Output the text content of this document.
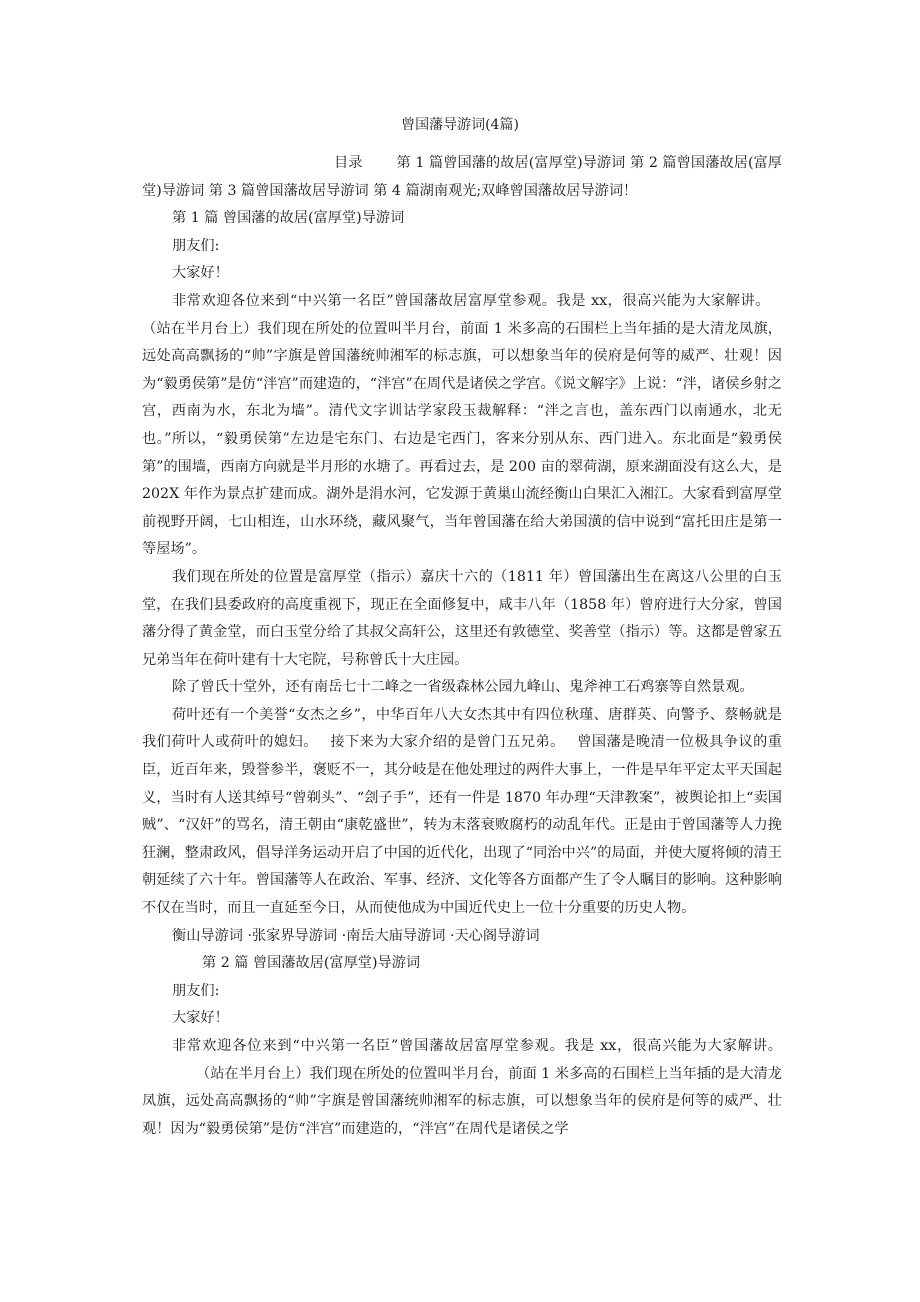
曾国藩导游词(4篇)

目录 第 1 篇曾国藩的故居(富厚堂)导游词 第 2 篇曾国藩故居(富厚堂)导游词 第 3 篇曾国藩故居导游词 第 4 篇湖南观光;双峰曾国藩故居导游词！

第 1 篇 曾国藩的故居(富厚堂)导游词

朋友们:

大家好！

非常欢迎各位来到“中兴第一名臣”曾国藩故居富厚堂参观。我是 xx，很高兴能为大家解讲。（站在半月台上）我们现在所处的位置叫半月台，前面 1 米多高的石围栏上当年插的是大清龙凤旗，远处高高飘扬的“帅”字旗是曾国藩统帅湘军的标志旗，可以想象当年的侯府是何等的威严、壮观！因为“毅勇侯第”是仿“泮宫”而建造的，“泮宫”在周代是诸侯之学宫。《说文解字》上说：“泮，诸侯乡射之宫，西南为水，东北为墙”。清代文字训诂学家段玉裁解释：“泮之言也，盖东西门以南通水，北无也。”所以，“毅勇侯第”左边是宅东门、右边是宅西门，客来分别从东、西门进入。东北面是“毅勇侯第”的围墙，西南方向就是半月形的水塘了。再看过去，是 200 亩的翠荷湖，原来湖面没有这么大，是 202X 年作为景点扩建而成。湖外是涓水河，它发源于黄巢山流经衡山白果汇入湘江。大家看到富厚堂前视野开阔，七山相连，山水环绕，藏风聚气，当年曾国藩在给大弟国潢的信中说到“富托田庄是第一等屋场”。

我们现在所处的位置是富厚堂（指示）嘉庆十六的（1811 年）曾国藩出生在离这八公里的白玉堂，在我们县委政府的高度重视下，现正在全面修复中，咸丰八年（1858 年）曾府进行大分家，曾国藩分得了黄金堂，而白玉堂分给了其叔父高轩公，这里还有敦德堂、奖善堂（指示）等。这都是曾家五兄弟当年在荷叶建有十大宅院，号称曾氏十大庄园。

除了曾氏十堂外，还有南岳七十二峰之一省级森林公园九峰山、鬼斧神工石鸡寨等自然景观。

荷叶还有一个美誉“女杰之乡”，中华百年八大女杰其中有四位秋瑾、唐群英、向警予、蔡畅就是我们荷叶人或荷叶的媳妇。 接下来为大家介绍的是曾门五兄弟。 曾国藩是晚清一位极具争议的重臣，近百年来，毁誉参半，褒贬不一，其分岐是在他处理过的两件大事上，一件是早年平定太平天国起义，当时有人送其绰号“曾剃头”、“刽子手”，还有一件是 1870 年办理“天津教案”，被舆论扣上“卖国贼”、“汉奸”的骂名，清王朝由“康乾盛世”，转为末落衰败腐朽的动乱年代。正是由于曾国藩等人力挽狂澜，整肃政风，倡导洋务运动开启了中国的近代化，出现了“同治中兴”的局面，并使大厦将倾的清王朝延续了六十年。曾国藩等人在政治、军事、经济、文化等各方面都产生了令人瞩目的影响。这种影响不仅在当时，而且一直延至今日，从而使他成为中国近代史上一位十分重要的历史人物。

衡山导游词 ·张家界导游词 ·南岳大庙导游词 ·天心阁导游词

第 2 篇 曾国藩故居(富厚堂)导游词

朋友们:

大家好！

非常欢迎各位来到“中兴第一名臣”曾国藩故居富厚堂参观。我是 xx，很高兴能为大家解讲。（站在半月台上）我们现在所处的位置叫半月台，前面 1 米多高的石围栏上当年插的是大清龙凤旗，远处高高飘扬的“帅”字旗是曾国藩统帅湘军的标志旗，可以想象当年的侯府是何等的威严、壮观！因为“毅勇侯第”是仿“泮宫”而建造的，“泮宫”在周代是诸侯之学
